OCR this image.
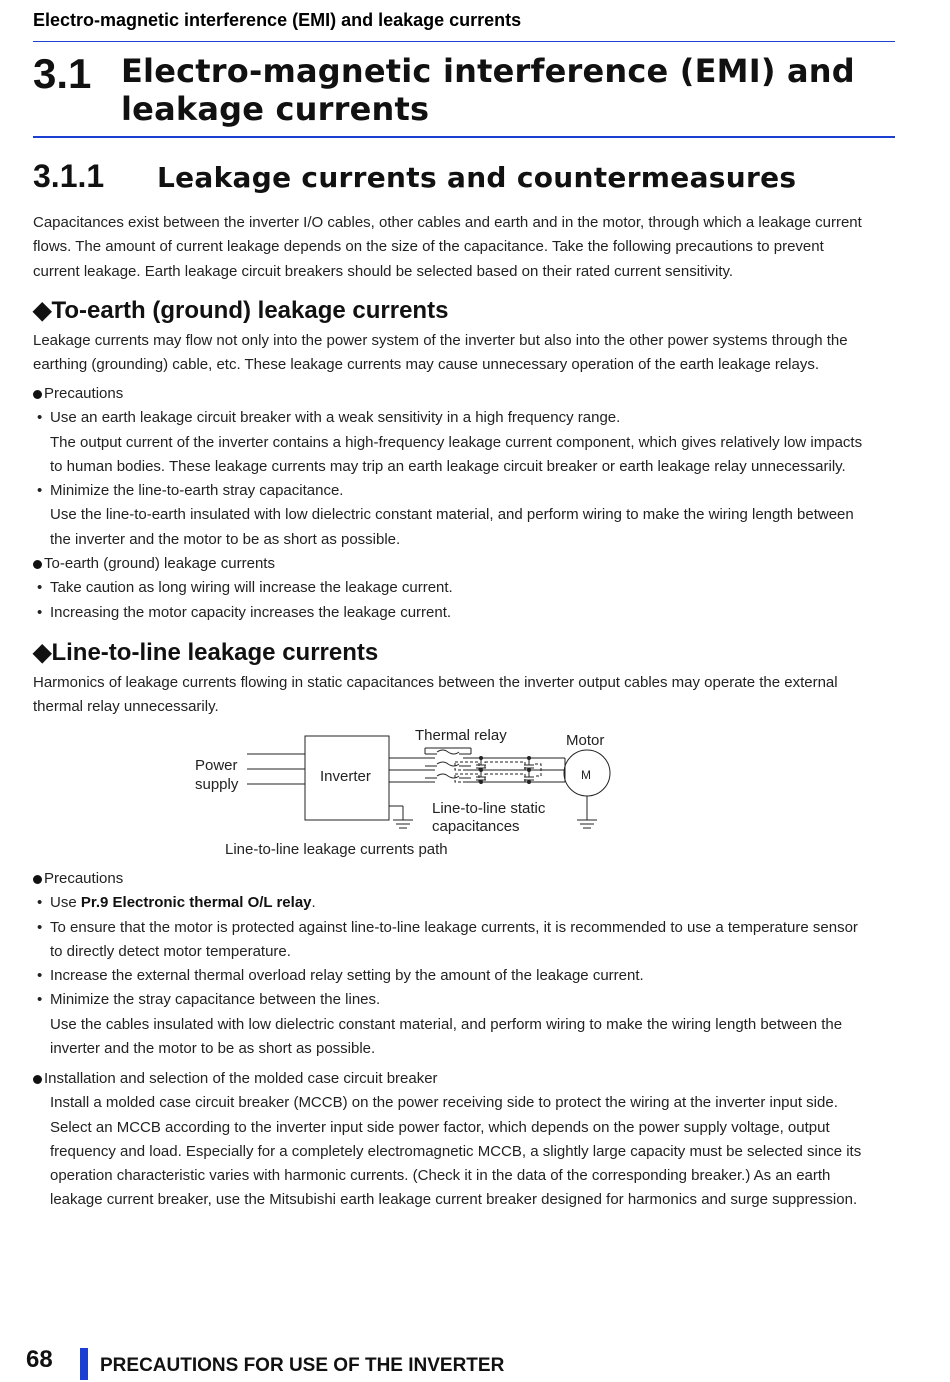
Electro-magnetic interference (EMI) and leakage currents
3.1 Electro-magnetic interference (EMI) and
leakage currents
3.1.1 Leakage currents and countermeasures
Capacitances exist between the inverter I/O cables, other cables and earth and in the motor, through which a leakage current
flows. The amount of current leakage depends on the size of the capacitance. Take the following precautions to prevent
current leakage. Earth leakage circuit breakers should be selected based on their rated current sensitivity.
◆To-earth (ground) leakage currents
Leakage currents may flow not only into the power system of the inverter but also into the other power systems through the
earthing (grounding) cable, etc. These leakage currents may cause unnecessary operation of the earth leakage relays.
Precautions
• Use an earth leakage circuit breaker with a weak sensitivity in a high frequency range.
The output current of the inverter contains a high-frequency leakage current component, which gives relatively low impacts
to human bodies. These leakage currents may trip an earth leakage circuit breaker or earth leakage relay unnecessarily.
• Minimize the line-to-earth stray capacitance.
Use the line-to-earth insulated with low dielectric constant material, and perform wiring to make the wiring length between
the inverter and the motor to be as short as possible.
To-earth (ground) leakage currents
• Take caution as long wiring will increase the leakage current.
• Increasing the motor capacity increases the leakage current.
◆Line-to-line leakage currents
Harmonics of leakage currents flowing in static capacitances between the inverter output cables may operate the external
thermal relay unnecessarily.
Power
supply	Inverter
Thermal relay	Motor
M
Line-to-line static
capacitances
Line-to-line leakage currents path
Precautions
• Use Pr.9 Electronic thermal O/L relay.
• To ensure that the motor is protected against line-to-line leakage currents, it is recommended to use a temperature sensor
to directly detect motor temperature.
• Increase the external thermal overload relay setting by the amount of the leakage current.
• Minimize the stray capacitance between the lines.
Use the cables insulated with low dielectric constant material, and perform wiring to make the wiring length between the
inverter and the motor to be as short as possible.
Installation and selection of the molded case circuit breaker
Install a molded case circuit breaker (MCCB) on the power receiving side to protect the wiring at the inverter input side.
Select an MCCB according to the inverter input side power factor, which depends on the power supply voltage, output
frequency and load. Especially for a completely electromagnetic MCCB, a slightly large capacity must be selected since its
operation characteristic varies with harmonic currents. (Check it in the data of the corresponding breaker.) As an earth
leakage current breaker, use the Mitsubishi earth leakage current breaker designed for harmonics and surge suppression.
68 PRECAUTIONS FOR USE OF THE INVERTER
